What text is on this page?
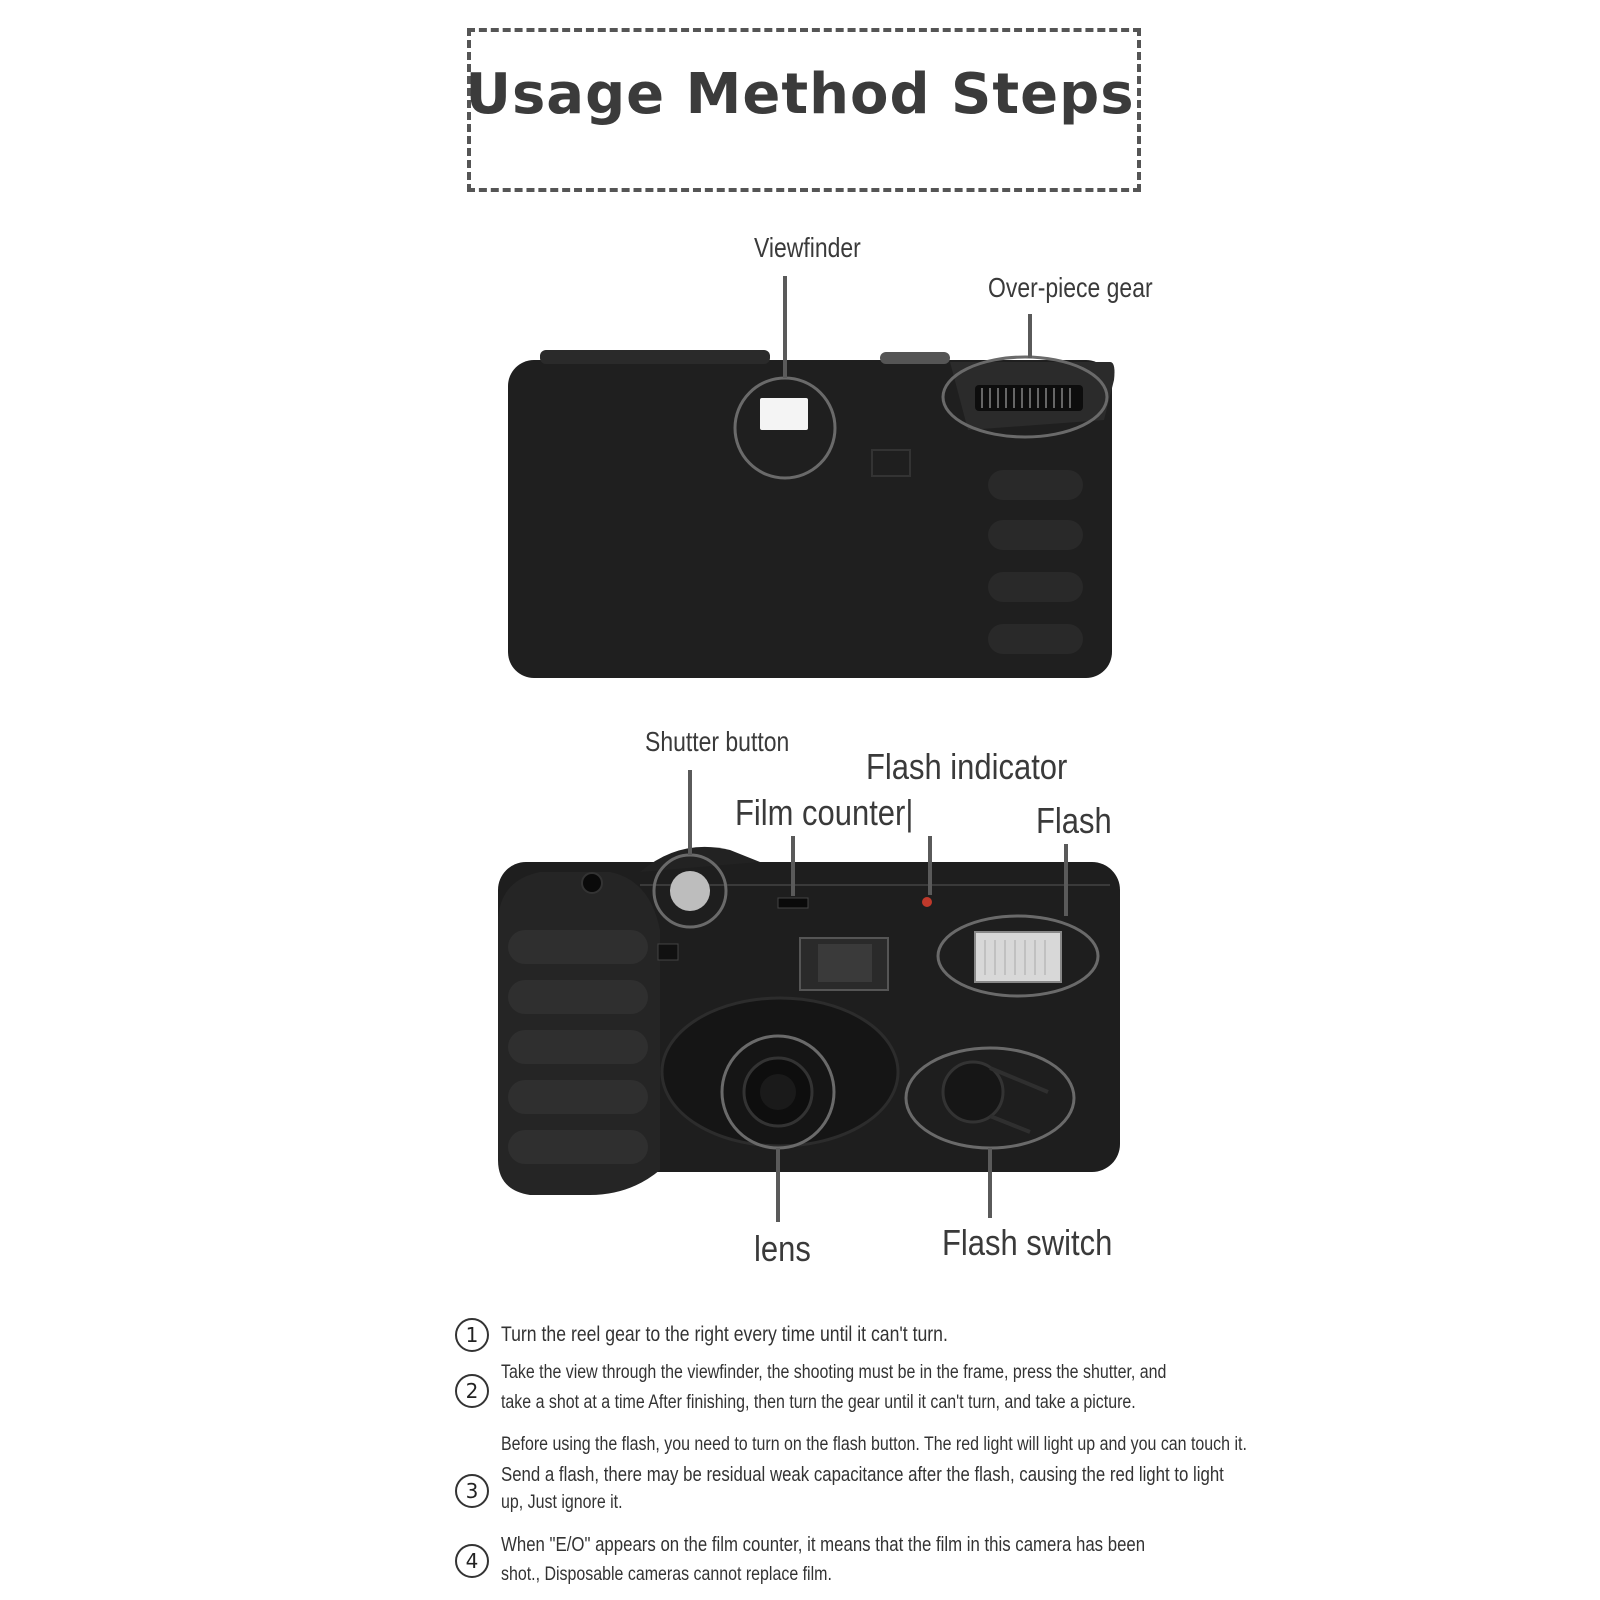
Usage Method Steps
Viewfinder
Over-piece gear
Shutter button
Flash indicator
Film counter|	Flash
lens	Flash switch
1	Turn the reel gear to the right every time until it can't turn.
2
Take the view through the viewfinder, the shooting must be in the frame, press the shutter, and
take a shot at a time After finishing, then turn the gear until it can't turn, and take a picture.
3
Before using the flash, you need to turn on the flash button. The red light will light up and you can touch it.
Send a flash, there may be residual weak capacitance after the flash, causing the red light to light
up, Just ignore it.
4
When "E/O" appears on the film counter, it means that the film in this camera has been
shot., Disposable cameras cannot replace film.
